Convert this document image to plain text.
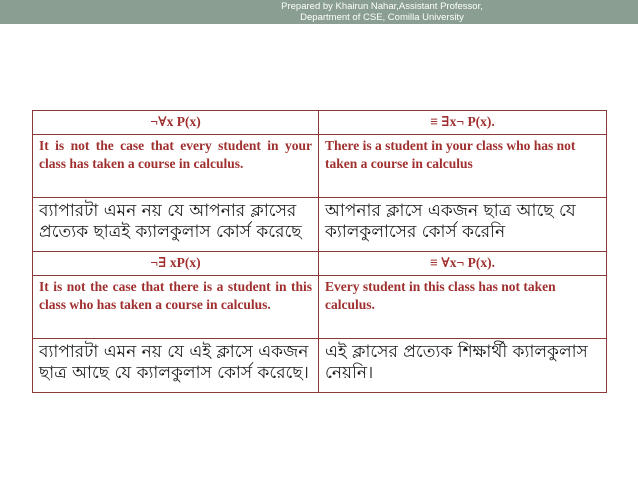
Prepared by Khairun Nahar,Assistant Professor,
Department of CSE, Comilla University
¬∀x P(x)	≡ ∃x¬ P(x).
It is not the case that every student in your class has taken a course in calculus.	There is a student in your class who has not taken a course in calculus
ব্যাপারটা এমন নয় যে আপনার ক্লাসের প্রত্যেক ছাত্রই ক্যালকুলাস কোর্স করেছে	আপনার ক্লাসে একজন ছাত্র আছে যে ক্যালকুলাসের কোর্স করেনি
¬∃ xP(x)	≡ ∀x¬ P(x).
It is not the case that there is a student in this class who has taken a course in calculus.	Every student in this class has not taken calculus.
ব্যাপারটা এমন নয় যে এই ক্লাসে একজন ছাত্র আছে যে ক্যালকুলাস কোর্স করেছে।	এই ক্লাসের প্রত্যেক শিক্ষার্থী ক্যালকুলাস নেয়নি।
